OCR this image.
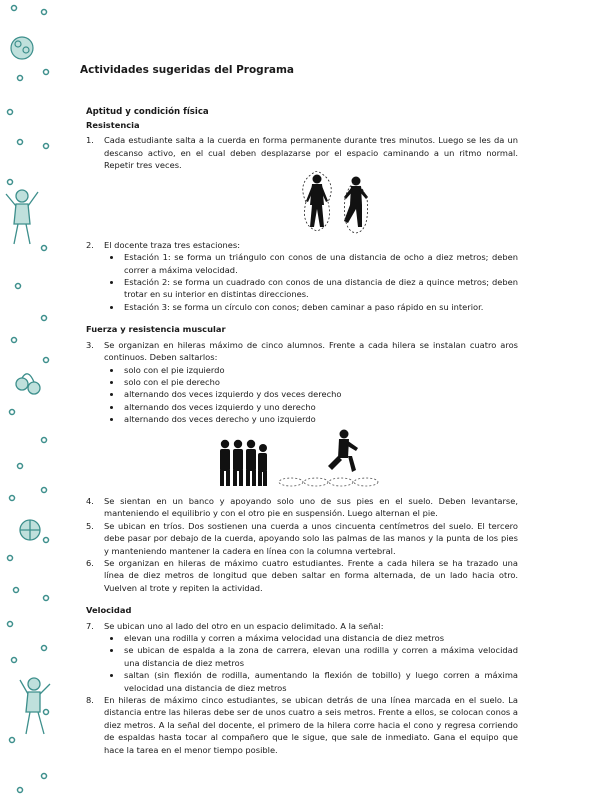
Actividades sugeridas del Programa
Aptitud y condición física
Resistencia
1.	Cada estudiante salta a la cuerda en forma permanente durante tres minutos. Luego se les da un descanso activo, en el cual deben desplazarse por el espacio caminando a un ritmo normal. Repetir tres veces.
2.	El docente traza tres estaciones:
Estación 1: se forma un triángulo con conos de una distancia de ocho a diez metros; deben correr a máxima velocidad.
Estación 2: se forma un cuadrado con conos de una distancia de diez a quince metros; deben trotar en su interior en distintas direcciones.
Estación 3: se forma un círculo con conos; deben caminar a paso rápido en su interior.
Fuerza y resistencia muscular
3.	Se organizan en hileras máximo de cinco alumnos. Frente a cada hilera se instalan cuatro aros continuos. Deben saltarlos:
solo con el pie izquierdo
solo con el pie derecho
alternando dos veces izquierdo y dos veces derecho
alternando dos veces izquierdo y uno derecho
alternando dos veces derecho y uno izquierdo
4.	Se sientan en un banco y apoyando solo uno de sus pies en el suelo. Deben levantarse, manteniendo el equilibrio y con el otro pie en suspensión. Luego alternan el pie.
5.	Se ubican en tríos. Dos sostienen una cuerda a unos cincuenta centímetros del suelo. El tercero debe pasar por debajo de la cuerda, apoyando solo las palmas de las manos y la punta de los pies y manteniendo mantener la cadera en línea con la columna vertebral.
6.	Se organizan en hileras de máximo cuatro estudiantes. Frente a cada hilera se ha trazado una línea de diez metros de longitud que deben saltar en forma alternada, de un lado hacia otro. Vuelven al trote y repiten la actividad.
Velocidad
7.	Se ubican uno al lado del otro en un espacio delimitado. A la señal:
elevan una rodilla y corren a máxima velocidad una distancia de diez metros
se ubican de espalda a la zona de carrera, elevan una rodilla y corren a máxima velocidad una distancia de diez metros
saltan (sin flexión de rodilla, aumentando la flexión de tobillo) y luego corren a máxima velocidad una distancia de diez metros
8.	En hileras de máximo cinco estudiantes, se ubican detrás de una línea marcada en el suelo. La distancia entre las hileras debe ser de unos cuatro a seis metros. Frente a ellos, se colocan conos a diez metros. A la señal del docente, el primero de la hilera corre hacia el cono y regresa corriendo de espaldas hasta tocar al compañero que le sigue, que sale de inmediato. Gana el equipo que hace la tarea en el menor tiempo posible.
